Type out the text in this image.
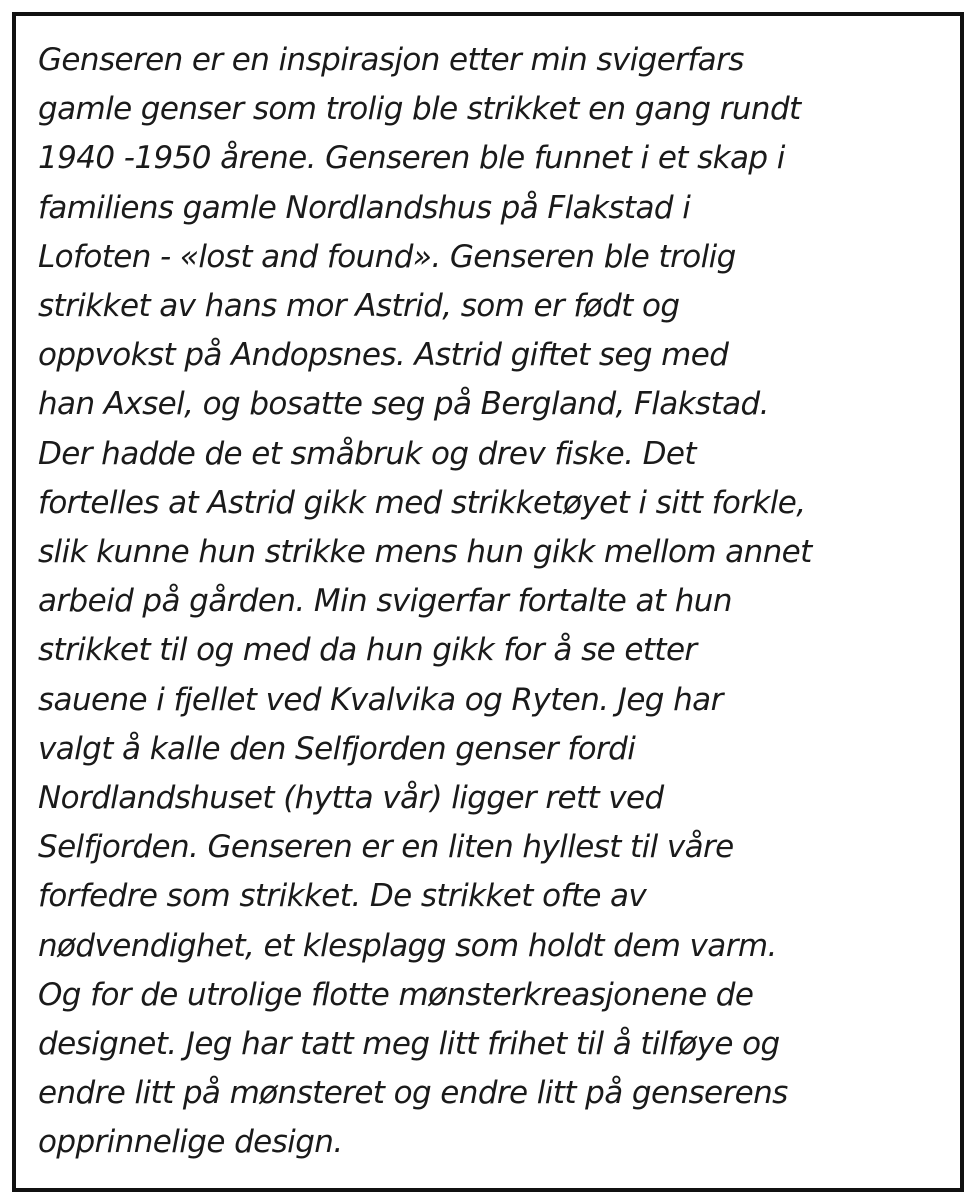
Genseren er en inspirasjon etter min svigerfars
gamle genser som trolig ble strikket en gang rundt
1940 -1950 årene. Genseren ble funnet i et skap i
familiens gamle Nordlandshus på Flakstad i
Lofoten - «lost and found». Genseren ble trolig
strikket av hans mor Astrid, som er født og
oppvokst på Andopsnes. Astrid giftet seg med
han Axsel, og bosatte seg på Bergland, Flakstad.
Der hadde de et småbruk og drev fiske. Det
fortelles at Astrid gikk med strikketøyet i sitt forkle,
slik kunne hun strikke mens hun gikk mellom annet
arbeid på gården. Min svigerfar fortalte at hun
strikket til og med da hun gikk for å se etter
sauene i fjellet ved Kvalvika og Ryten. Jeg har
valgt å kalle den Selfjorden genser fordi
Nordlandshuset (hytta vår) ligger rett ved
Selfjorden. Genseren er en liten hyllest til våre
forfedre som strikket. De strikket ofte av
nødvendighet, et klesplagg som holdt dem varm.
Og for de utrolige flotte mønsterkreasjonene de
designet. Jeg har tatt meg litt frihet til å tilføye og
endre litt på mønsteret og endre litt på genserens
opprinnelige design.
